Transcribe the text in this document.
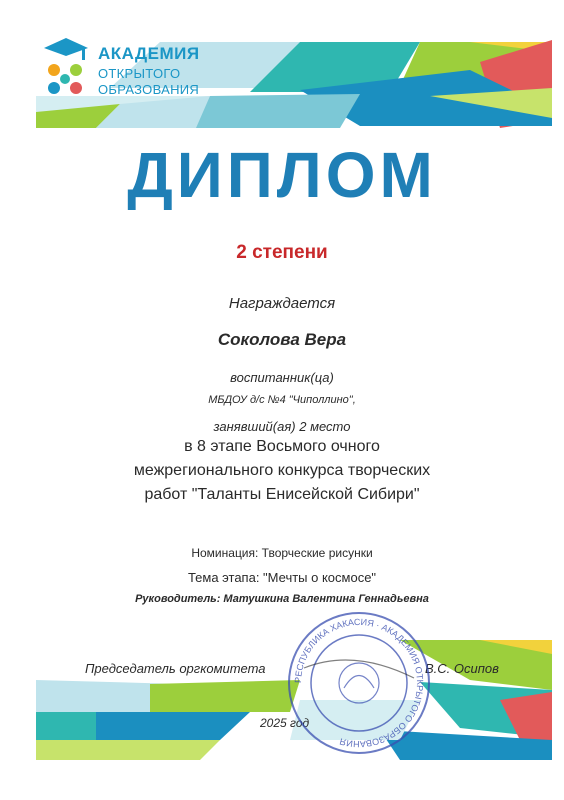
АКАДЕМИЯ
ОТКРЫТОГО
ОБРАЗОВАНИЯ
ДИПЛОМ
2 степени
Награждается
Соколова Вера
воспитанник(ца)
МБДОУ д/с №4 "Чиполлино",
занявший(ая) 2 место
в 8 этапе Восьмого очного
межрегионального конкурса творческих
работ "Таланты Енисейской Сибири"
Номинация: Творческие рисунки
Тема этапа: "Мечты о космосе"
Руководитель: Матушкина Валентина Геннадьевна
Председатель оргкомитета	В.С. Осипов
2025 год
РЕСПУБЛИКА ХАКАСИЯ · АКАДЕМИЯ ОТКРЫТОГО ОБРАЗОВАНИЯ
